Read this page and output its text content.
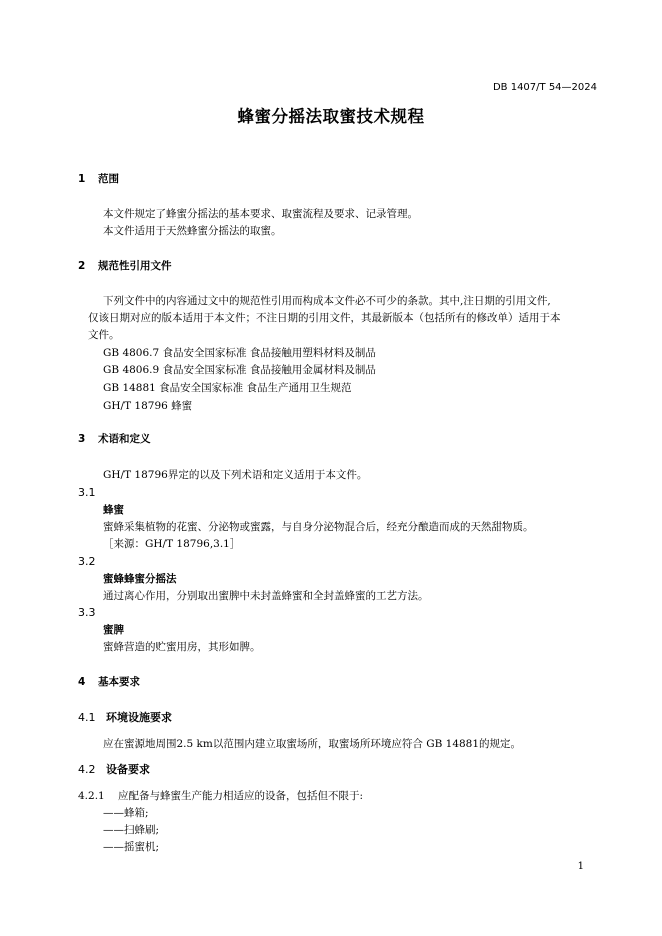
DB 1407/T 54—2024
蜂蜜分摇法取蜜技术规程
1 范围
本文件规定了蜂蜜分摇法的基本要求、取蜜流程及要求、记录管理。
本文件适用于天然蜂蜜分摇法的取蜜。
2 规范性引用文件
下列文件中的内容通过文中的规范性引用而构成本文件必不可少的条款。其中,注日期的引用文件,
仅该日期对应的版本适用于本文件；不注日期的引用文件，其最新版本（包括所有的修改单）适用于本
文件。
GB 4806.7 食品安全国家标准 食品接触用塑料材料及制品
GB 4806.9 食品安全国家标准 食品接触用金属材料及制品
GB 14881 食品安全国家标准 食品生产通用卫生规范
GH/T 18796 蜂蜜
3 术语和定义
GH/T 18796界定的以及下列术语和定义适用于本文件。
3.1
蜂蜜
蜜蜂采集植物的花蜜、分泌物或蜜露，与自身分泌物混合后，经充分酿造而成的天然甜物质。
［来源：GH/T 18796,3.1］
3.2
蜜蜂蜂蜜分摇法
通过离心作用，分别取出蜜脾中未封盖蜂蜜和全封盖蜂蜜的工艺方法。
3.3
蜜脾
蜜蜂营造的贮蜜用房，其形如脾。
4 基本要求
4.1 环境设施要求
应在蜜源地周围2.5 km以范围内建立取蜜场所，取蜜场所环境应符合 GB 14881的规定。
4.2 设备要求
4.2.1 应配备与蜂蜜生产能力相适应的设备，包括但不限于:
——蜂箱;
——扫蜂刷;
——摇蜜机;
1
